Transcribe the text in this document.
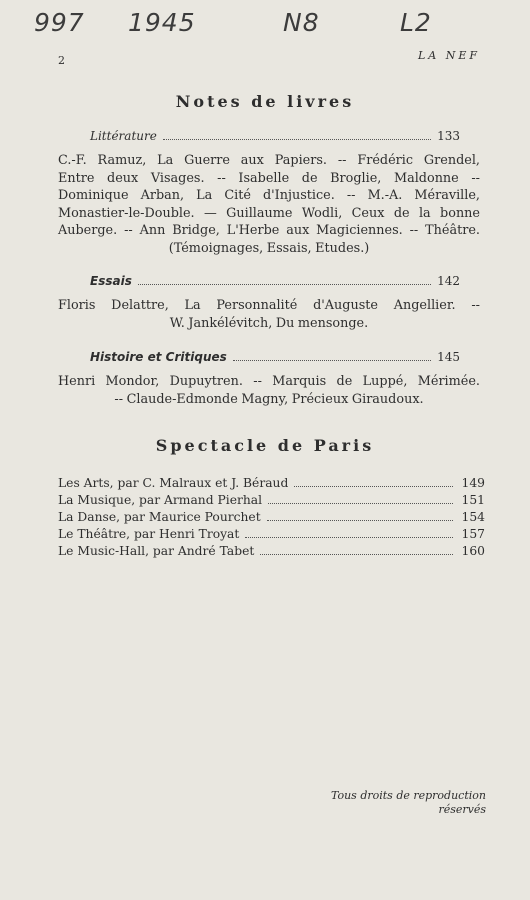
997 1945	N8	L2
2	LA NEF
Notes de livres
Littérature	133

C.-F. Ramuz, La Guerre aux Papiers. -- Frédéric Grendel,

Entre deux Visages. -- Isabelle de Broglie, Maldonne --

Dominique Arban, La Cité d'Injustice. -- M.-A. Méraville,

Monastier-le-Double. — Guillaume Wodli, Ceux de la bonne

Auberge. -- Ann Bridge, L'Herbe aux Magiciennes. -- Théâtre.

(Témoignages, Essais, Etudes.)

Essais	142

Floris Delattre, La Personnalité d'Auguste Angellier. --

W. Jankélévitch, Du mensonge.

Histoire et Critiques	145

Henri Mondor, Dupuytren. -- Marquis de Luppé, Mérimée.

-- Claude-Edmonde Magny, Précieux Giraudoux.

Spectacle de Paris
Les Arts, par C. Malraux et J. Béraud	149
La Musique, par Armand Pierhal	151
La Danse, par Maurice Pourchet	154
Le Théâtre, par Henri Troyat	157
Le Music-Hall, par André Tabet	160
Tous droits de reproduction
réservés
